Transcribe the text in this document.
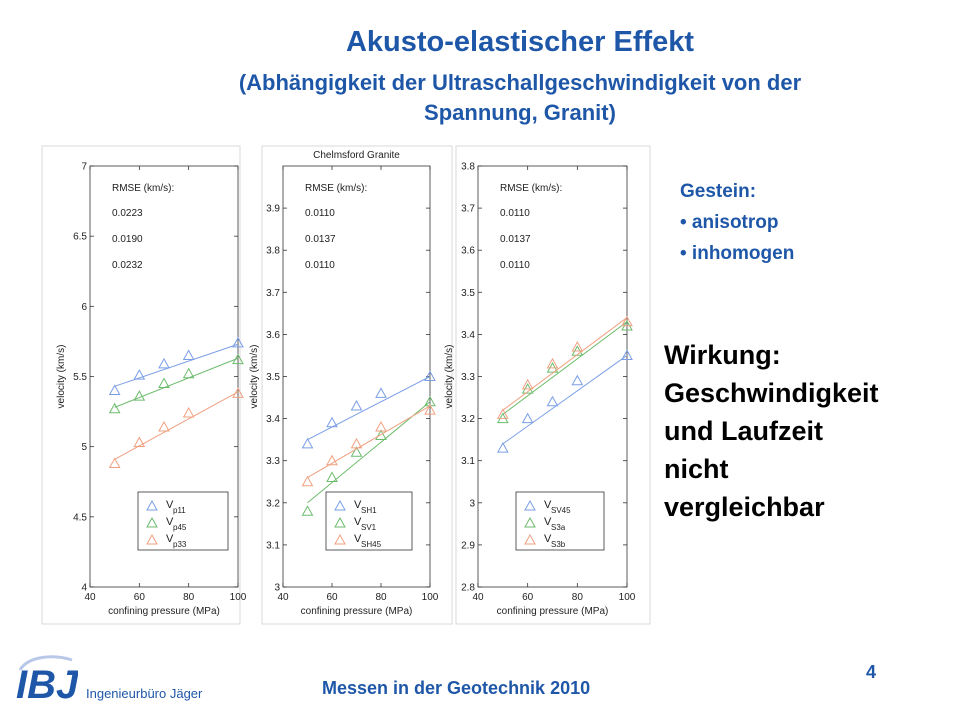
Akusto-elastischer Effekt
(Abhängigkeit der Ultraschallgeschwindigkeit von der
Spannung, Granit)
4
4.5
5
5.5
6
6.5
7
40	60	80	100
confining pressure (MPa)
velocity (km/s)
RMSE (km/s):
0.0223
0.0190
0.0232
V p11
V p45
V p33
3
3.1
3.2
3.3
3.4
3.5
3.6
3.7
3.8
3.9
40	60	80	100
confining pressure (MPa)
velocity (km/s)
Chelmsford Granite
RMSE (km/s):
0.0110
0.0137
0.0110
V SH1
V SV1
V SH45
2.8
2.9
3
3.1
3.2
3.3
3.4
3.5
3.6
3.7
3.8
40	60	80	100
confining pressure (MPa)
velocity (km/s)
RMSE (km/s):
0.0110
0.0137
0.0110
V SV45
V S3a
V S3b
Gestein:
• anisotrop
• inhomogen
Wirkung:
Geschwindigkeit
und Laufzeit
nicht
vergleichbar
IBJ Ingenieurbüro Jäger	Messen in der Geotechnik 2010
4
